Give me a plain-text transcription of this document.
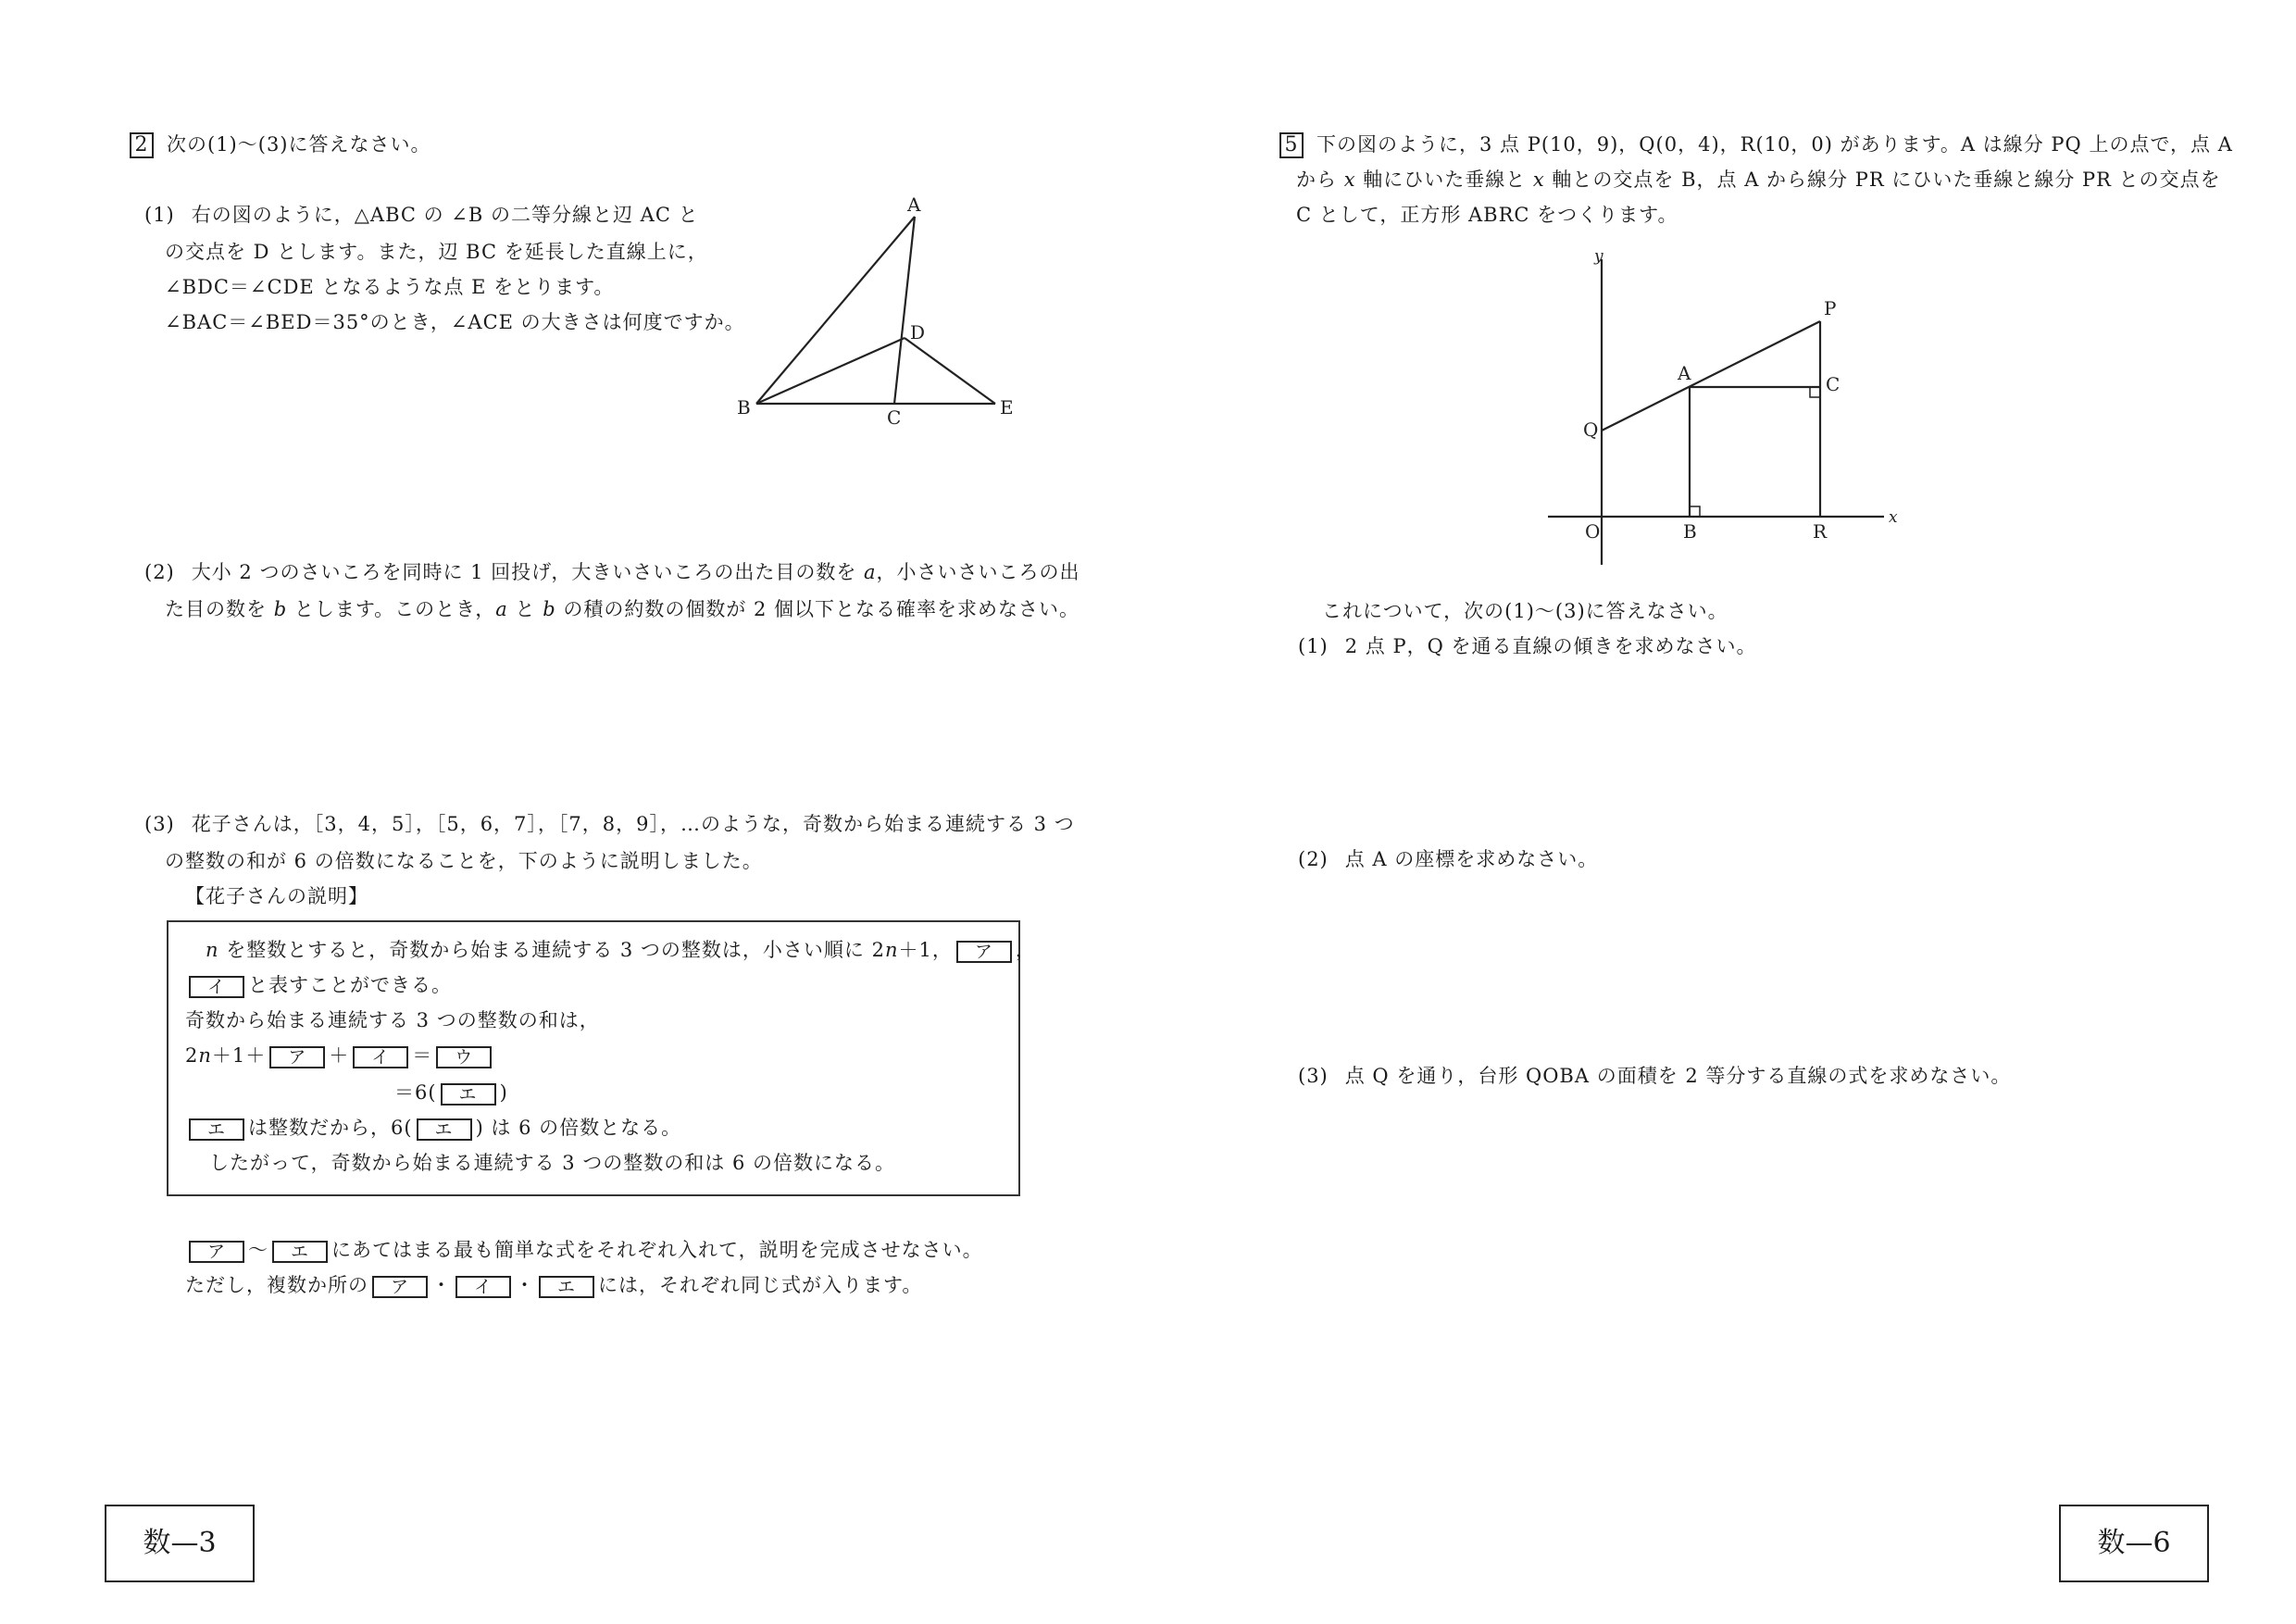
2 次の(1)〜(3)に答えなさい。
(1) 右の図のように，△ABC の ∠B の二等分線と辺 AC と
の交点を D とします。また，辺 BC を延長した直線上に，
∠BDC＝∠CDE となるような点 E をとります。
∠BAC＝∠BED＝35°のとき，∠ACE の大きさは何度ですか。
A
D
B	C	E
(2) 大小 2 つのさいころを同時に 1 回投げ，大きいさいころの出た目の数を a，小さいさいころの出
た目の数を b とします。このとき，a と b の積の約数の個数が 2 個以下となる確率を求めなさい。
(3) 花子さんは，［3，4，5］，［5，6，7］，［7，8，9］，…のような，奇数から始まる連続する 3 つ
の整数の和が 6 の倍数になることを，下のように説明しました。
【花子さんの説明】
n を整数とすると，奇数から始まる連続する 3 つの整数は，小さい順に 2n＋1， ア ，
イ と表すことができる。
奇数から始まる連続する 3 つの整数の和は，
2n＋1＋ ア ＋ イ ＝ ウ
＝6( エ )
エ は整数だから，6( エ ) は 6 の倍数となる。
したがって，奇数から始まる連続する 3 つの整数の和は 6 の倍数になる。
ア 〜 エ にあてはまる最も簡単な式をそれぞれ入れて，説明を完成させなさい。
ただし，複数か所の ア ・ イ ・ エ には，それぞれ同じ式が入ります。
数—3
5 下の図のように，3 点 P(10，9)，Q(0，4)，R(10，0) があります。A は線分 PQ 上の点で，点 A
から x 軸にひいた垂線と x 軸との交点を B，点 A から線分 PR にひいた垂線と線分 PR との交点を
C として，正方形 ABRC をつくります。
y
x
P
A	C
Q
O	B	R
これについて，次の(1)〜(3)に答えなさい。
(1) 2 点 P，Q を通る直線の傾きを求めなさい。
(2) 点 A の座標を求めなさい。
(3) 点 Q を通り，台形 QOBA の面積を 2 等分する直線の式を求めなさい。
数—6
